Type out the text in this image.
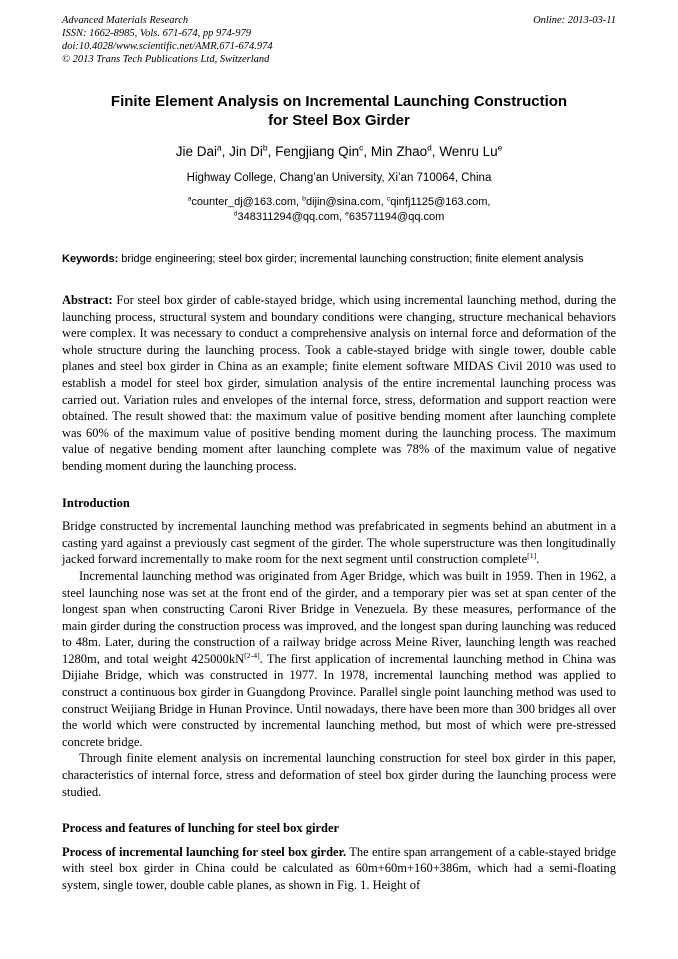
Advanced Materials Research
ISSN: 1662-8985, Vols. 671-674, pp 974-979
doi:10.4028/www.scientific.net/AMR.671-674.974
© 2013 Trans Tech Publications Ltd, Switzerland
Online: 2013-03-11
Finite Element Analysis on Incremental Launching Construction
for Steel Box Girder
Jie Dai$^a$, Jin Di$^b$, Fengjiang Qin$^c$, Min Zhao$^d$, Wenru Lu$^e$
Highway College, Chang’an University, Xi’an 710064, China
$^a$counter_dj@163.com, $^b$dijin@sina.com, $^c$qinfj1125@163.com,
$^d$348311294@qq.com, $^e$63571194@qq.com
Keywords: bridge engineering; steel box girder; incremental launching construction; finite element analysis
Abstract: For steel box girder of cable-stayed bridge, which using incremental launching method, during the launching process, structural system and boundary conditions were changing, structure mechanical behaviors were complex. It was necessary to conduct a comprehensive analysis on internal force and deformation of the whole structure during the launching process. Took a cable-stayed bridge with single tower, double cable planes and steel box girder in China as an example; finite element software MIDAS Civil 2010 was used to establish a model for steel box girder, simulation analysis of the entire incremental launching process was carried out. Variation rules and envelopes of the internal force, stress, deformation and support reaction were obtained. The result showed that: the maximum value of positive bending moment after launching complete was 60% of the maximum value of positive bending moment during the launching process. The maximum value of negative bending moment after launching complete was 78% of the maximum value of negative bending moment during the launching process.
Introduction

Bridge constructed by incremental launching method was prefabricated in segments behind an abutment in a casting yard against a previously cast segment of the girder. The whole superstructure was then longitudinally jacked forward incrementally to make room for the next segment until construction complete[1].

Incremental launching method was originated from Ager Bridge, which was built in 1959. Then in 1962, a steel launching nose was set at the front end of the girder, and a temporary pier was set at span center of the longest span when constructing Caroni River Bridge in Venezuela. By these measures, performance of the main girder during the construction process was improved, and the longest span during launching was reduced to 48m. Later, during the construction of a railway bridge across Meine River, launching length was reached 1280m, and total weight 425000kN[2-4]. The first application of incremental launching method in China was Dijiahe Bridge, which was constructed in 1977. In 1978, incremental launching method was applied to construct a continuous box girder in Guangdong Province. Parallel single point launching method was used to construct Weijiang Bridge in Hunan Province. Until nowadays, there have been more than 300 bridges all over the world which were constructed by incremental launching method, but most of which were pre-stressed concrete bridge.

Through finite element analysis on incremental launching construction for steel box girder in this paper, characteristics of internal force, stress and deformation of steel box girder during the launching process were studied.

Process and features of lunching for steel box girder

Process of incremental launching for steel box girder. The entire span arrangement of a cable-stayed bridge with steel box girder in China could be calculated as 60m+60m+160+386m, which had a semi-floating system, single tower, double cable planes, as shown in Fig. 1. Height of
